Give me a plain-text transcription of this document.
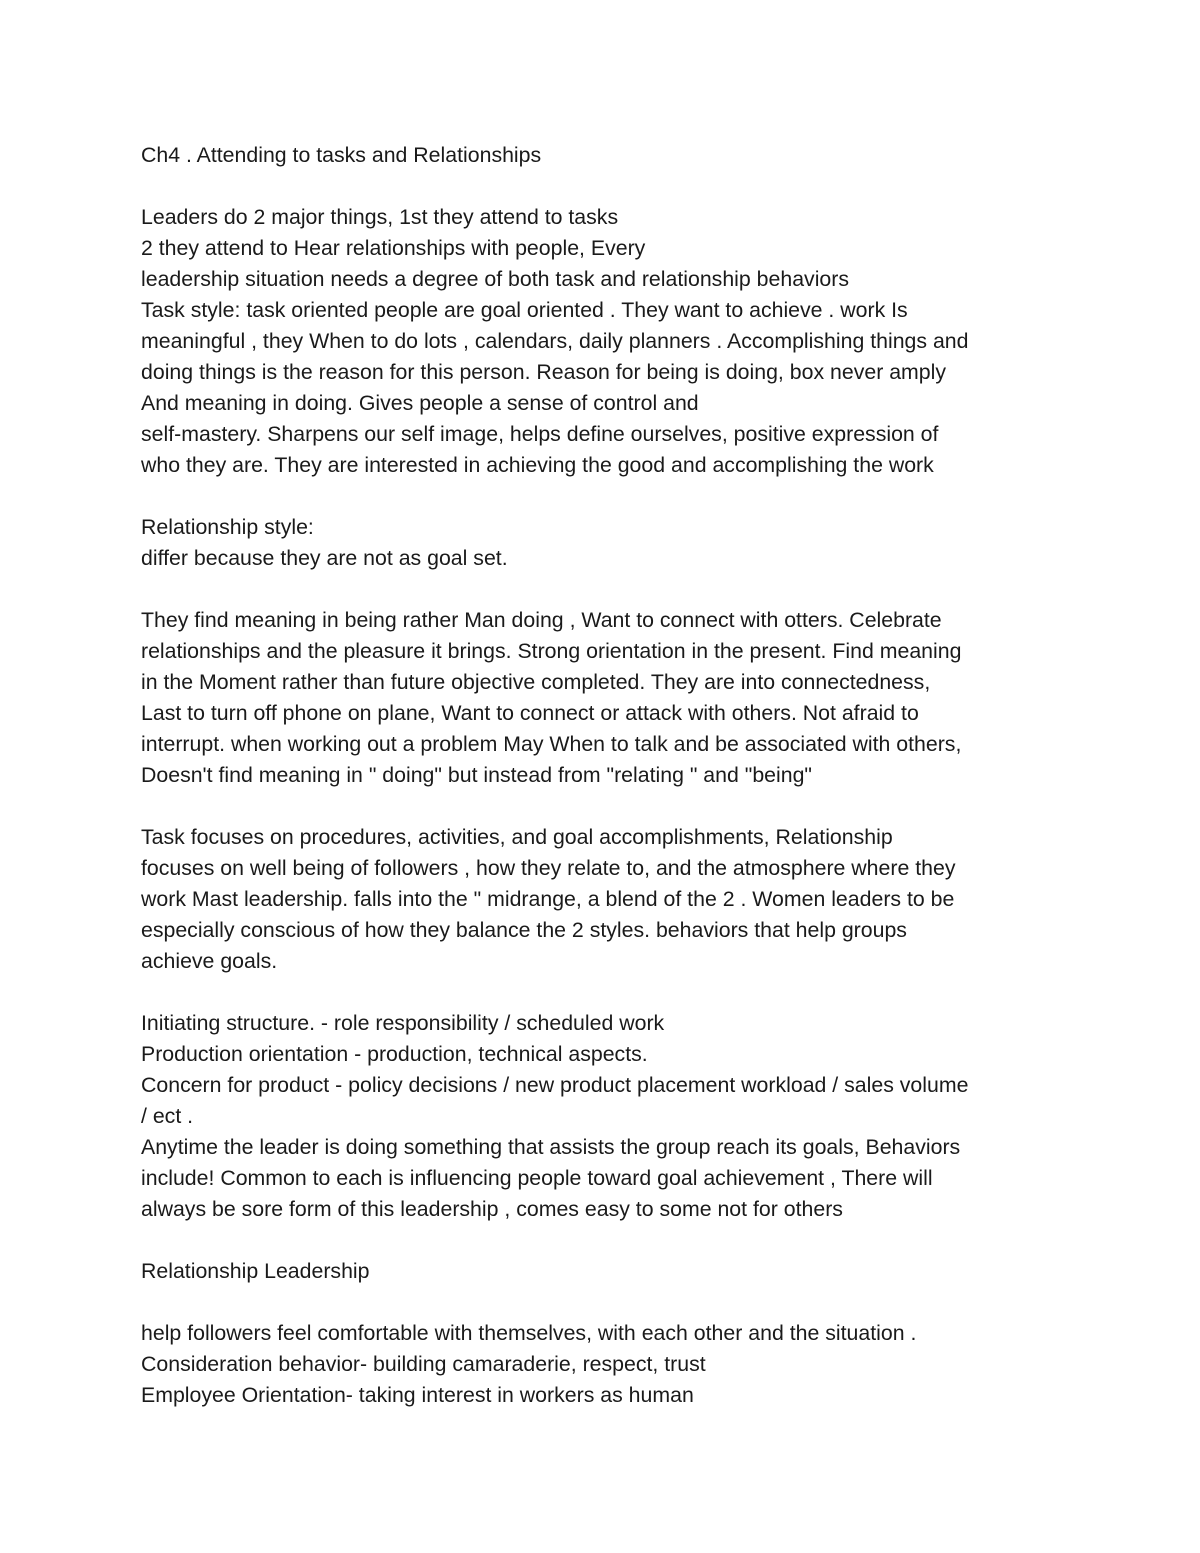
Ch4 . Attending to tasks and Relationships
Leaders do 2 major things, 1st they attend to tasks
2 they attend to Hear relationships with people, Every
leadership situation needs a degree of both task and relationship behaviors
Task style: task oriented people are goal oriented . They want to achieve . work Is
meaningful , they When to do lots , calendars, daily planners . Accomplishing things and
doing things is the reason for this person. Reason for being is doing, box never amply
And meaning in doing. Gives people a sense of control and
self-mastery. Sharpens our self image, helps define ourselves, positive expression of
who they are. They are interested in achieving the good and accomplishing the work
Relationship style:
differ because they are not as goal set.
They find meaning in being rather Man doing , Want to connect with otters. Celebrate
relationships and the pleasure it brings. Strong orientation in the present. Find meaning
in the Moment rather than future objective completed. They are into connectedness,
Last to turn off phone on plane, Want to connect or attack with others. Not afraid to
interrupt. when working out a problem May When to talk and be associated with others,
Doesn't find meaning in " doing" but instead from "relating " and "being"
Task focuses on procedures, activities, and goal accomplishments, Relationship
focuses on well being of followers , how they relate to, and the atmosphere where they
work Mast leadership. falls into the " midrange, a blend of the 2 . Women leaders to be
especially conscious of how they balance the 2 styles. behaviors that help groups
achieve goals.
Initiating structure. - role responsibility / scheduled work
Production orientation - production, technical aspects.
Concern for product - policy decisions / new product placement workload / sales volume
/ ect .
Anytime the leader is doing something that assists the group reach its goals, Behaviors
include! Common to each is influencing people toward goal achievement , There will
always be sore form of this leadership , comes easy to some not for others
Relationship Leadership
help followers feel comfortable with themselves, with each other and the situation .
Consideration behavior- building camaraderie, respect, trust
Employee Orientation- taking interest in workers as human
